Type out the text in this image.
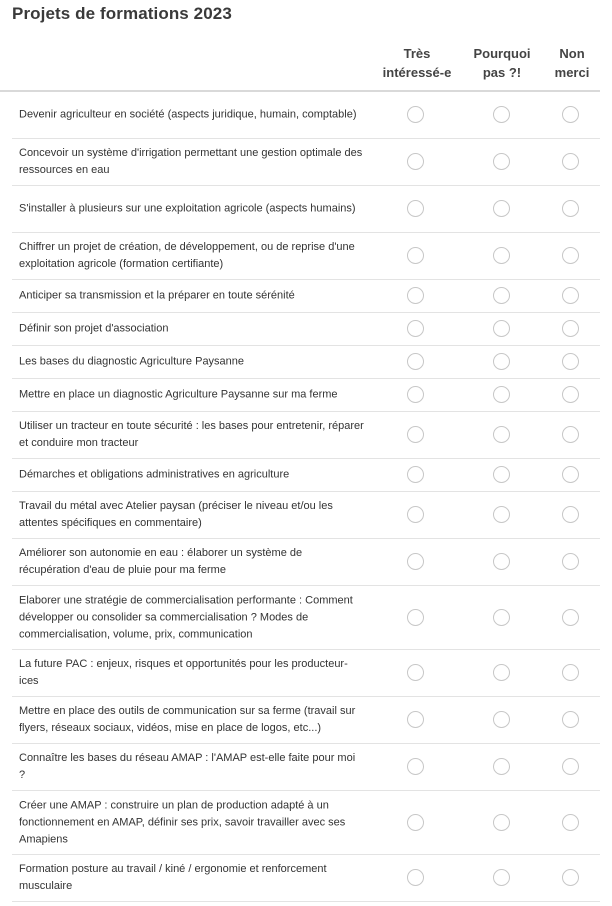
Projets de formations 2023
Très
intéressé-e
Pourquoi
pas ?!
Non
merci
Devenir agriculteur en société (aspects juridique, humain, comptable)
Concevoir un système d'irrigation permettant une gestion optimale des ressources en eau
S'installer à plusieurs sur une exploitation agricole (aspects humains)
Chiffrer un projet de création, de développement, ou de reprise d'une exploitation agricole (formation certifiante)
Anticiper sa transmission et la préparer en toute sérénité
Définir son projet d'association
Les bases du diagnostic Agriculture Paysanne
Mettre en place un diagnostic Agriculture Paysanne sur ma ferme
Utiliser un tracteur en toute sécurité : les bases pour entretenir, réparer et conduire mon tracteur
Démarches et obligations administratives en agriculture
Travail du métal avec Atelier paysan (préciser le niveau et/ou les attentes spécifiques en commentaire)
Améliorer son autonomie en eau : élaborer un système de récupération d'eau de pluie pour ma ferme
Elaborer une stratégie de commercialisation performante : Comment développer ou consolider sa commercialisation ? Modes de commercialisation, volume, prix, communication
La future PAC : enjeux, risques et opportunités pour les producteur-ices
Mettre en place des outils de communication sur sa ferme (travail sur flyers, réseaux sociaux, vidéos, mise en place de logos, etc...)
Connaître les bases du réseau AMAP : l'AMAP est-elle faite pour moi ?
Créer une AMAP : construire un plan de production adapté à un fonctionnement en AMAP, définir ses prix, savoir travailler avec ses Amapiens
Formation posture au travail / kiné / ergonomie et renforcement musculaire
